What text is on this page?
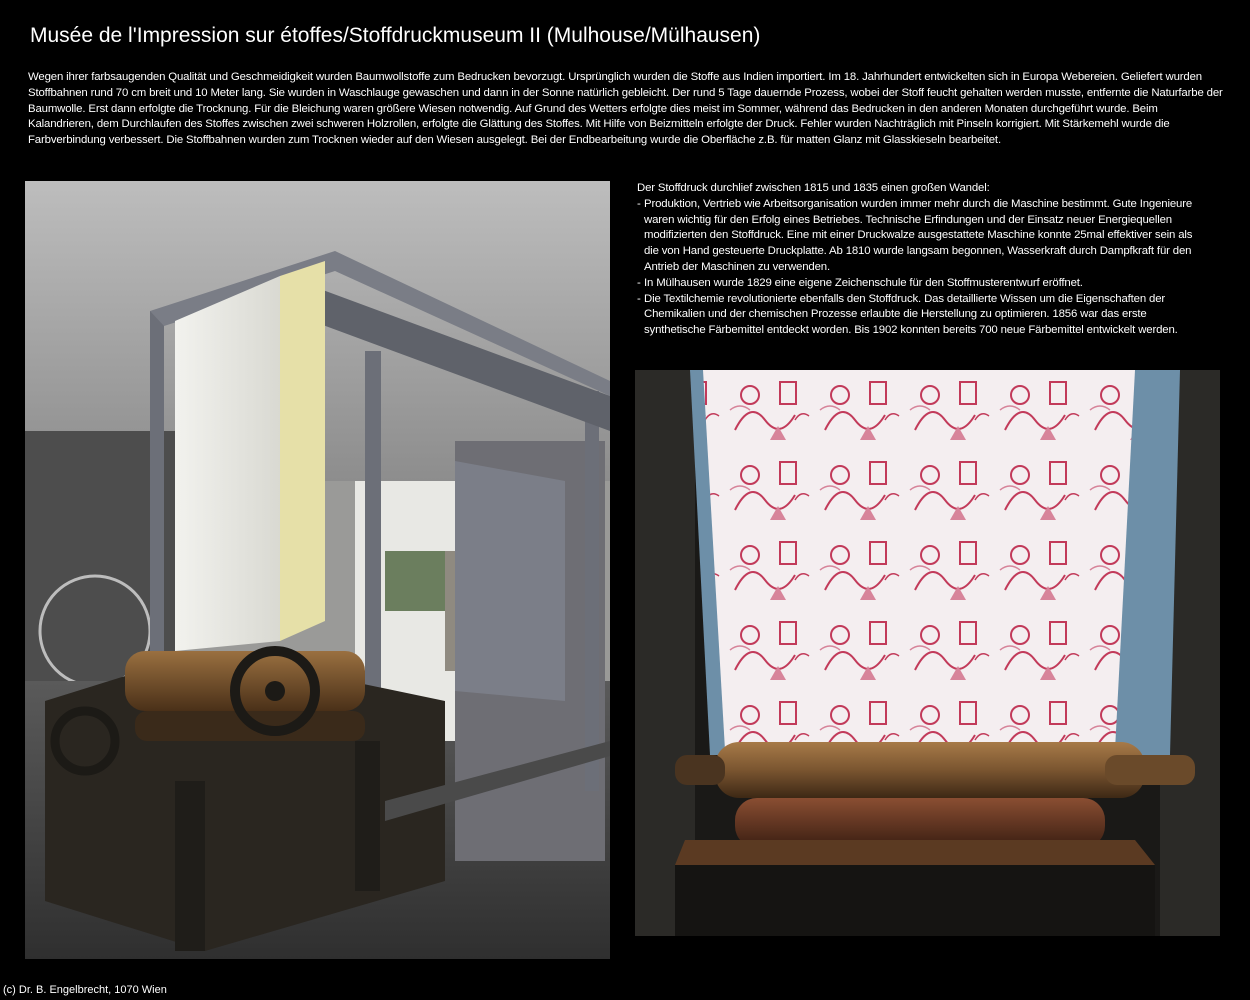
Musée de l'Impression sur étoffes/Stoffdruckmuseum II (Mulhouse/Mülhausen)
Wegen ihrer farbsaugenden Qualität und Geschmeidigkeit wurden Baumwollstoffe zum Bedrucken bevorzugt. Ursprünglich wurden die Stoffe aus Indien importiert. Im 18. Jahrhundert entwickelten sich in Europa Webereien. Geliefert wurden Stoffbahnen rund 70 cm breit und 10 Meter lang. Sie wurden in Waschlauge gewaschen und dann in der Sonne natürlich gebleicht. Der rund 5 Tage dauernde Prozess, wobei der Stoff feucht gehalten werden musste, entfernte die Naturfarbe der Baumwolle. Erst dann erfolgte die Trocknung. Für die Bleichung waren größere Wiesen notwendig. Auf Grund des Wetters erfolgte dies meist im Sommer, während das Bedrucken in den anderen Monaten durchgeführt wurde. Beim Kalandrieren, dem Durchlaufen des Stoffes zwischen zwei schweren Holzrollen, erfolgte die Glättung des Stoffes. Mit Hilfe von Beizmitteln erfolgte der Druck. Fehler wurden Nachträglich mit Pinseln korrigiert. Mit Stärkemehl wurde die Farbverbindung verbessert. Die Stoffbahnen wurden zum Trocknen wieder auf den Wiesen ausgelegt. Bei der Endbearbeitung wurde die Oberfläche z.B. für matten Glanz mit Glasskieseln bearbeitet.
Der Stoffdruck durchlief zwischen 1815 und 1835 einen großen Wandel:
- Produktion, Vertrieb wie Arbeitsorganisation wurden immer mehr durch die Maschine bestimmt. Gute Ingenieure waren wichtig für den Erfolg eines Betriebes. Technische Erfindungen und der Einsatz neuer Energiequellen modifizierten den Stoffdruck. Eine mit einer Druckwalze ausgestattete Maschine konnte 25mal effektiver sein als die von Hand gesteuerte Druckplatte. Ab 1810 wurde langsam begonnen, Wasserkraft durch Dampfkraft für den Antrieb der Maschinen zu verwenden.
- In Mülhausen wurde 1829 eine eigene Zeichenschule für den Stoffmusterentwurf eröffnet.
- Die Textilchemie revolutionierte ebenfalls den Stoffdruck. Das detaillierte Wissen um die Eigenschaften der Chemikalien und der chemischen Prozesse erlaubte die Herstellung zu optimieren. 1856 war das erste synthetische Färbemittel entdeckt worden. Bis 1902 konnten bereits 700 neue Färbemittel entwickelt werden.
(c) Dr. B. Engelbrecht, 1070 Wien
